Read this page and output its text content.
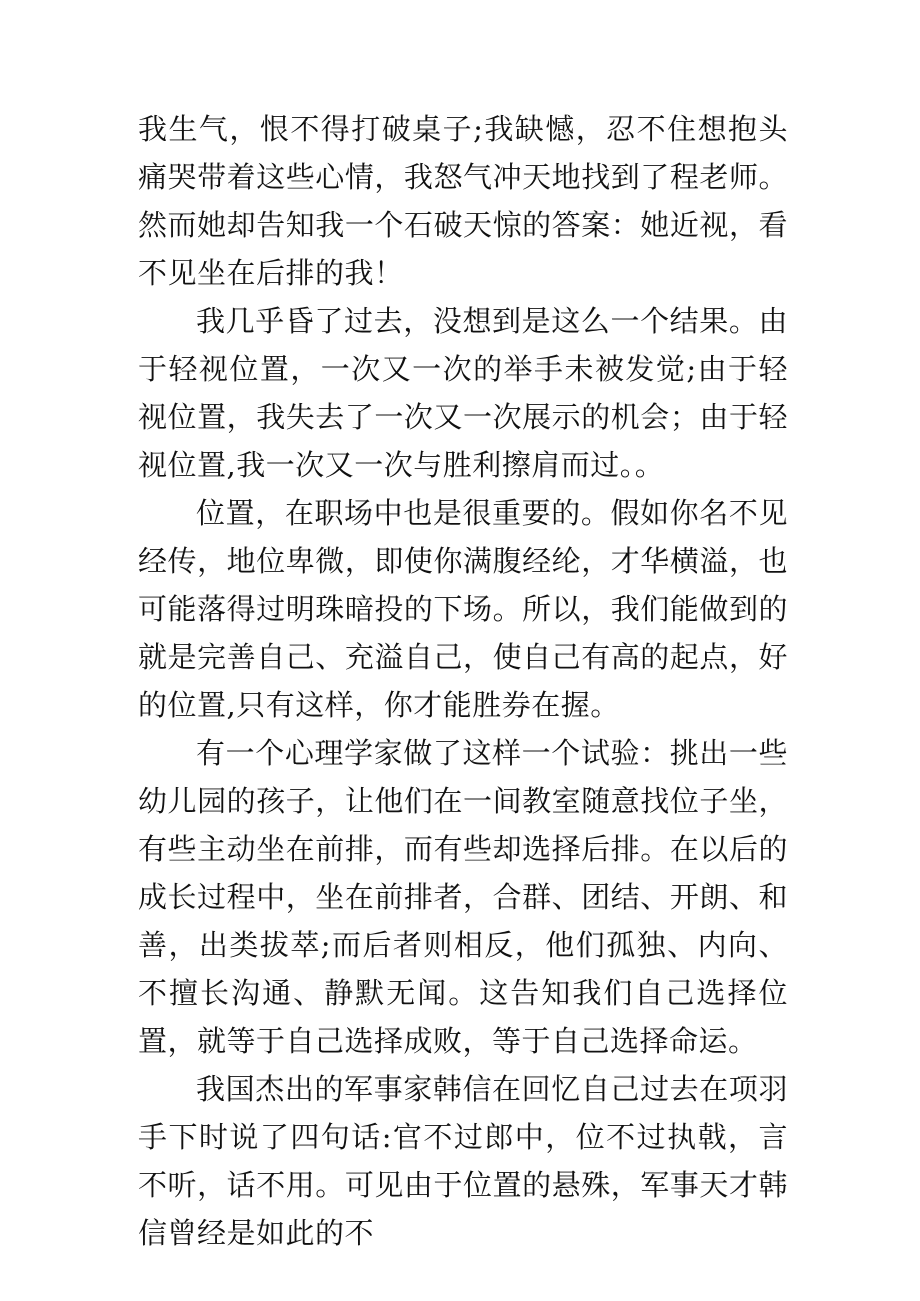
我生气，恨不得打破桌子;我缺憾，忍不住想抱头痛哭带着这些心情，我怒气冲天地找到了程老师。然而她却告知我一个石破天惊的答案：她近视，看不见坐在后排的我！

我几乎昏了过去，没想到是这么一个结果。由于轻视位置，一次又一次的举手未被发觉;由于轻视位置，我失去了一次又一次展示的机会；由于轻视位置,我一次又一次与胜利擦肩而过。。

位置，在职场中也是很重要的。假如你名不见经传，地位卑微，即使你满腹经纶，才华横溢，也可能落得过明珠暗投的下场。所以，我们能做到的就是完善自己、充溢自己，使自己有高的起点，好的位置,只有这样，你才能胜券在握。

有一个心理学家做了这样一个试验：挑出一些幼儿园的孩子，让他们在一间教室随意找位子坐，有些主动坐在前排，而有些却选择后排。在以后的成长过程中，坐在前排者，合群、团结、开朗、和善，出类拔萃;而后者则相反，他们孤独、内向、不擅长沟通、静默无闻。这告知我们自己选择位置，就等于自己选择成败，等于自己选择命运。

我国杰出的军事家韩信在回忆自己过去在项羽手下时说了四句话:官不过郎中，位不过执戟，言不听，话不用。可见由于位置的悬殊，军事天才韩信曾经是如此的不
